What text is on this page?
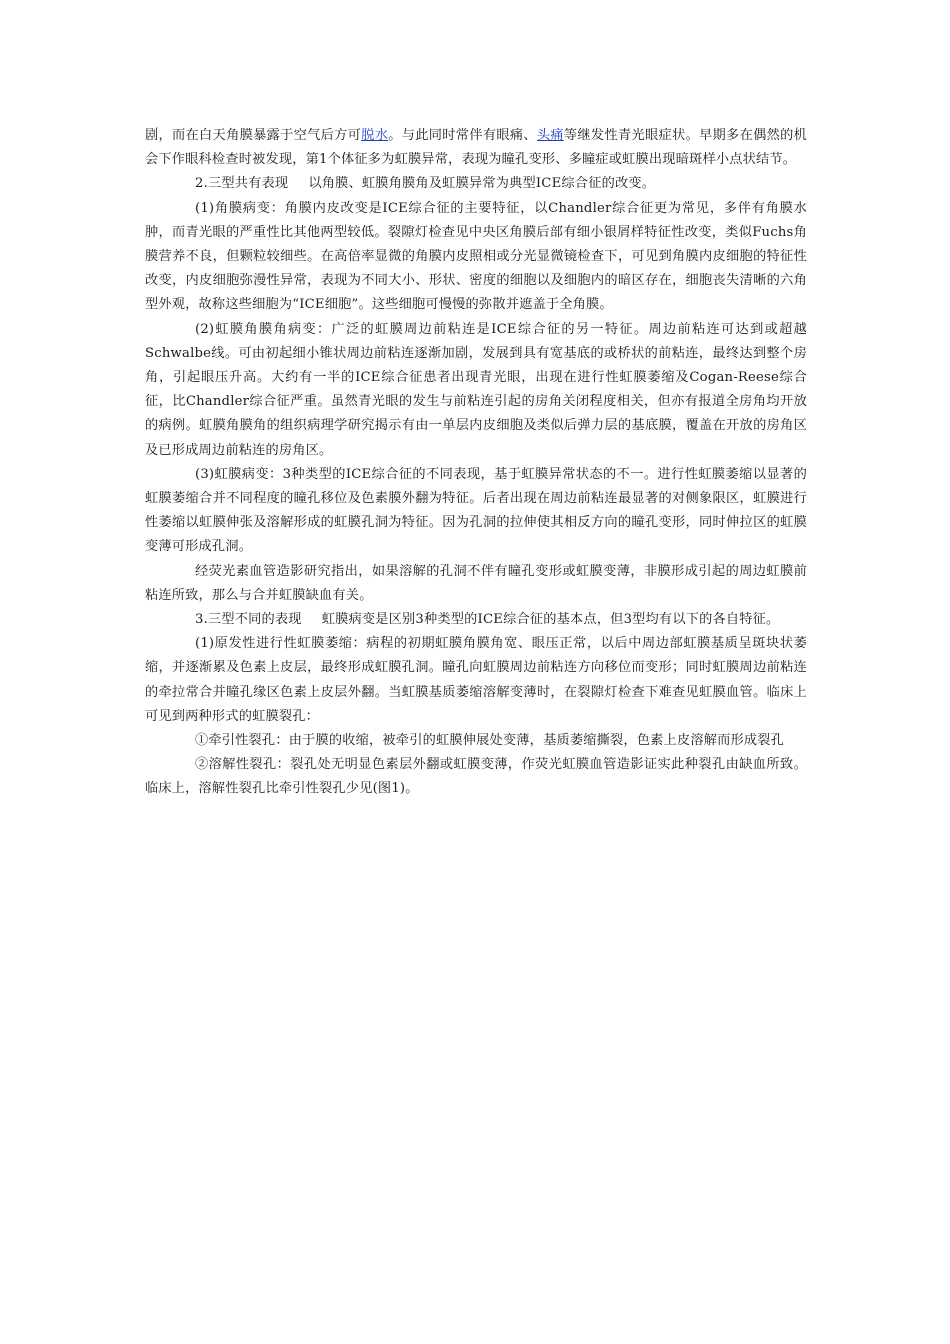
剧，而在白天角膜暴露于空气后方可脱水。与此同时常伴有眼痛、头痛等继发性青光眼症状。早期多在偶然的机会下作眼科检查时被发现，第1个体征多为虹膜异常，表现为瞳孔变形、多瞳症或虹膜出现暗斑样小点状结节。

2.三型共有表现 以角膜、虹膜角膜角及虹膜异常为典型ICE综合征的改变。

(1)角膜病变：角膜内皮改变是ICE综合征的主要特征，以Chandler综合征更为常见，多伴有角膜水肿，而青光眼的严重性比其他两型较低。裂隙灯检查见中央区角膜后部有细小银屑样特征性改变，类似Fuchs角膜营养不良，但颗粒较细些。在高倍率显微的角膜内皮照相或分光显微镜检查下，可见到角膜内皮细胞的特征性改变，内皮细胞弥漫性异常，表现为不同大小、形状、密度的细胞以及细胞内的暗区存在，细胞丧失清晰的六角型外观，故称这些细胞为“ICE细胞”。这些细胞可慢慢的弥散并遮盖于全角膜。

(2)虹膜角膜角病变：广泛的虹膜周边前粘连是ICE综合征的另一特征。周边前粘连可达到或超越Schwalbe线。可由初起细小锥状周边前粘连逐渐加剧，发展到具有宽基底的或桥状的前粘连，最终达到整个房角，引起眼压升高。大约有一半的ICE综合征患者出现青光眼，出现在进行性虹膜萎缩及Cogan-Reese综合征，比Chandler综合征严重。虽然青光眼的发生与前粘连引起的房角关闭程度相关，但亦有报道全房角均开放的病例。虹膜角膜角的组织病理学研究揭示有由一单层内皮细胞及类似后弹力层的基底膜，覆盖在开放的房角区及已形成周边前粘连的房角区。

(3)虹膜病变：3种类型的ICE综合征的不同表现，基于虹膜异常状态的不一。进行性虹膜萎缩以显著的虹膜萎缩合并不同程度的瞳孔移位及色素膜外翻为特征。后者出现在周边前粘连最显著的对侧象限区，虹膜进行性萎缩以虹膜伸张及溶解形成的虹膜孔洞为特征。因为孔洞的拉伸使其相反方向的瞳孔变形，同时伸拉区的虹膜变薄可形成孔洞。

经荧光素血管造影研究指出，如果溶解的孔洞不伴有瞳孔变形或虹膜变薄，非膜形成引起的周边虹膜前粘连所致，那么与合并虹膜缺血有关。

3.三型不同的表现 虹膜病变是区别3种类型的ICE综合征的基本点，但3型均有以下的各自特征。

(1)原发性进行性虹膜萎缩：病程的初期虹膜角膜角宽、眼压正常，以后中周边部虹膜基质呈斑块状萎缩，并逐渐累及色素上皮层，最终形成虹膜孔洞。瞳孔向虹膜周边前粘连方向移位而变形；同时虹膜周边前粘连的牵拉常合并瞳孔缘区色素上皮层外翻。当虹膜基质萎缩溶解变薄时，在裂隙灯检查下难查见虹膜血管。临床上可见到两种形式的虹膜裂孔：

①牵引性裂孔：由于膜的收缩，被牵引的虹膜伸展处变薄，基质萎缩撕裂，色素上皮溶解而形成裂孔

②溶解性裂孔：裂孔处无明显色素层外翻或虹膜变薄，作荧光虹膜血管造影证实此种裂孔由缺血所致。临床上，溶解性裂孔比牵引性裂孔少见(图1)。
